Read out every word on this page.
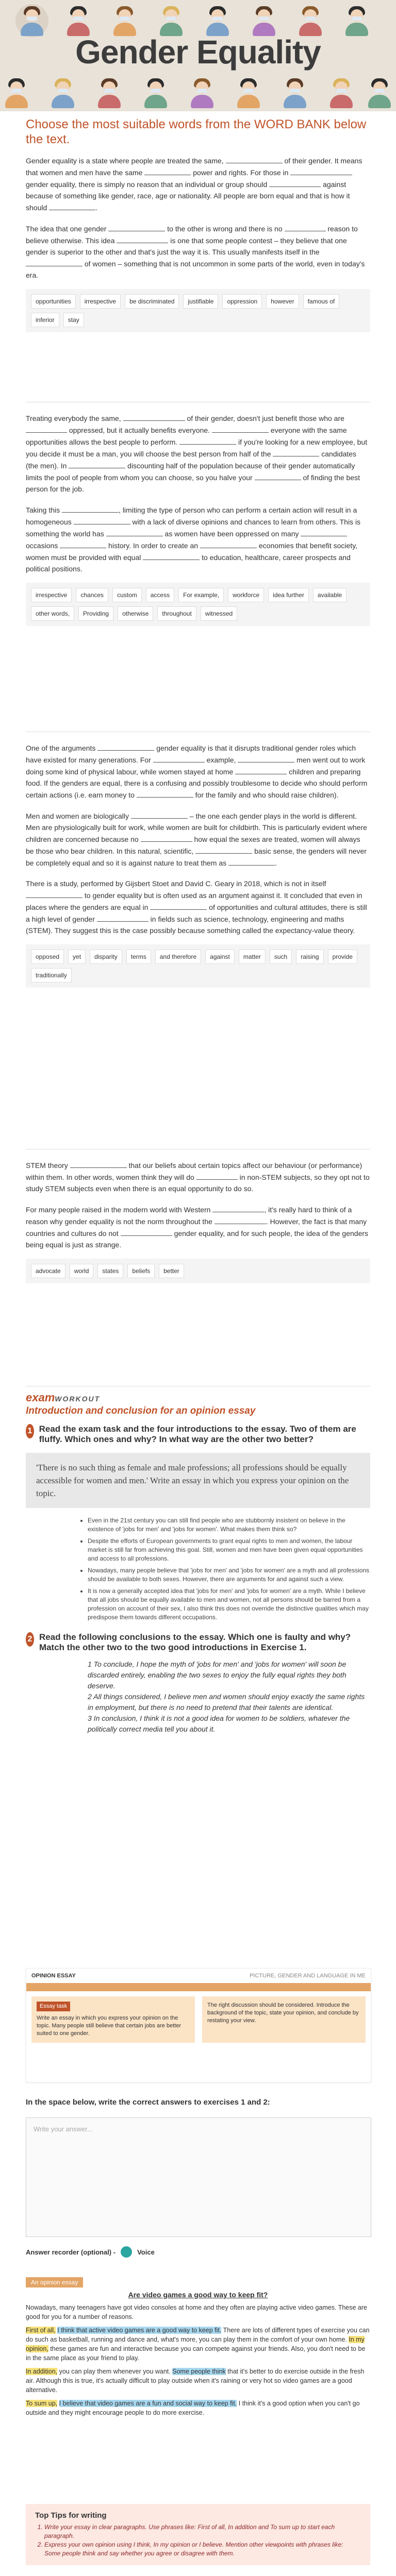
Gender Equality
Choose the most suitable words from the WORD BANK below the text.

Gender equality is a state where people are treated the same,	of their gender. It means that women and men have the same	power and rights. For those in  gender equality, there is simply no reason that an individual or group should	against because of something like gender, race, age or nationality. All people are born equal and that is how it should	.

The idea that one gender	to the other is wrong and there is no	reason to believe otherwise. This idea	is one that some people contest – they believe that one gender is superior to the other and that's just the way it is. This usually manifests itself in the  of women – something that is not uncommon in some parts of the world, even in today's era.

opportunities	irrespective	be discriminated	justifiable	oppression	however	famous of
inferior	stay

Treating everybody the same,	of their gender, doesn't just benefit those who are  oppressed, but it actually benefits everyone.	everyone with the same opportunities allows the best people to perform.	if you're looking for a new employee, but you decide it must be a man, you will choose the best person from half of the	candidates (the men). In	discounting half of the population because of their gender automatically limits the pool of people from whom you can choose, so you halve your	of finding the best person for the job.

Taking this	, limiting the type of person who can perform a certain action will result in a homogeneous	with a lack of diverse opinions and chances to learn from others. This is something the world has	as women have been oppressed on many  occasions	history. In order to create an	economies that benefit society, women must be provided with equal	to education, healthcare, career prospects and political positions.

irrespective	chances	custom	access	For example,	workforce	idea further	available
other words,	Providing	otherwise	throughout	witnessed

One of the arguments	gender equality is that it disrupts traditional gender roles which have existed for many generations. For	example,	men went out to work doing some kind of physical labour, while women stayed at home	children and preparing food. If the genders are equal, there is a confusing and possibly troublesome to decide who should perform certain actions (i.e. earn money to	for the family and who should raise children).

Men and women are biologically	– the one each gender plays in the world is different. Men are physiologically built for work, while women are built for childbirth. This is particularly evident where children are concerned because no	how equal the sexes are treated, women will always be those who bear children. In this natural, scientific,	basic sense, the genders will never be completely equal and so it is against nature to treat them as	.

There is a study, performed by Gijsbert Stoet and David C. Geary in 2018, which is not in itself  to gender equality but is often used as an argument against it. It concluded that even in places where the genders are equal in	of opportunities and cultural attitudes, there is still a high level of gender	in fields such as science, technology, engineering and maths (STEM). They suggest this is the case possibly because something called the expectancy-value theory.

opposed	yet	disparity	terms	and therefore	against	matter	such	raising	provide
traditionally

STEM theory	that our beliefs about certain topics affect our behaviour (or performance) within them. In other words, women think they will do	in non-STEM subjects, so they opt not to study STEM subjects even when there is an equal opportunity to do so.

For many people raised in the modern world with Western	, it's really hard to think of a reason why gender equality is not the norm throughout the	. However, the fact is that many countries and cultures do not	gender equality, and for such people, the idea of the genders being equal is just as strange.

advocate	world	states	beliefs	better
examWORKOUT
Introduction and conclusion for an opinion essay
1 Read the exam task and the four introductions to the essay. Two of them are fluffy. Which ones and why? In what way are the other two better?
'There is no such thing as female and male professions; all professions should be equally accessible for women and men.' Write an essay in which you express your opinion on the topic.
• Even in the 21st century you can still find people who are stubbornly insistent on believe in the existence of 'jobs for men' and 'jobs for women'. What makes them think so?
• Despite the efforts of European governments to grant equal rights to men and women, the labour market is still far from achieving this goal. Still, women and men have been given equal opportunities and access to all professions.
• Nowadays, many people believe that 'jobs for men' and 'jobs for women' are a myth and all professions should be available to both sexes. However, there are arguments for and against such a view.
• It is now a generally accepted idea that 'jobs for men' and 'jobs for women' are a myth. While I believe that all jobs should be equally available to men and women, not all persons should be barred from a profession on account of their sex, I also think this does not override the distinctive qualities which may predispose them towards different occupations.
2 Read the following conclusions to the essay. Which one is faulty and why? Match the other two to the two good introductions in Exercise 1.

1 To conclude, I hope the myth of 'jobs for men' and 'jobs for women' will soon be discarded entirely, enabling the two sexes to enjoy the fully equal rights they both deserve.

2 All things considered, I believe men and women should enjoy exactly the same rights in employment, but there is no need to pretend that their talents are identical.

3 In conclusion, I think it is not a good idea for women to be soldiers, whatever the politically correct media tell you about it.

OPINION ESSAY	PICTURE, GENDER AND LANGUAGE IN ME
Essay task
Write an essay in which you express your opinion on the topic. Many people still believe that certain jobs are better suited to one gender.
The right discussion should be considered. Introduce the background of the topic, state your opinion, and conclude by restating your view.

In the space below, write the correct answers to exercises 1 and 2:

Write your answer...
Answer recorder (optional) -	Voice
An opinion essay
Are video games a good way to keep fit?

Nowadays, many teenagers have got video consoles at home and they often are playing active video games. These are good for you for a number of reasons.

First of all, I think that active video games are a good way to keep fit. There are lots of different types of exercise you can do such as basketball, running and dance and, what's more, you can play them in the comfort of your own home. In my opinion, these games are fun and interactive because you can compete against your friends. Also, you don't need to be in the same place as your friend to play.

In addition, you can play them whenever you want. Some people think that it's better to do exercise outside in the fresh air. Although this is true, it's actually difficult to play outside when it's raining or very hot so video games are a good alternative.

To sum up, I believe that video games are a fun and social way to keep fit. I think it's a good option when you can't go outside and they might encourage people to do more exercise.

Top Tips for writing
1. Write your essay in clear paragraphs. Use phrases like: First of all, In addition and To sum up to start each paragraph.
2. Express your own opinion using I think, In my opinion or I believe. Mention other viewpoints with phrases like: Some people think and say whether you agree or disagree with them.
